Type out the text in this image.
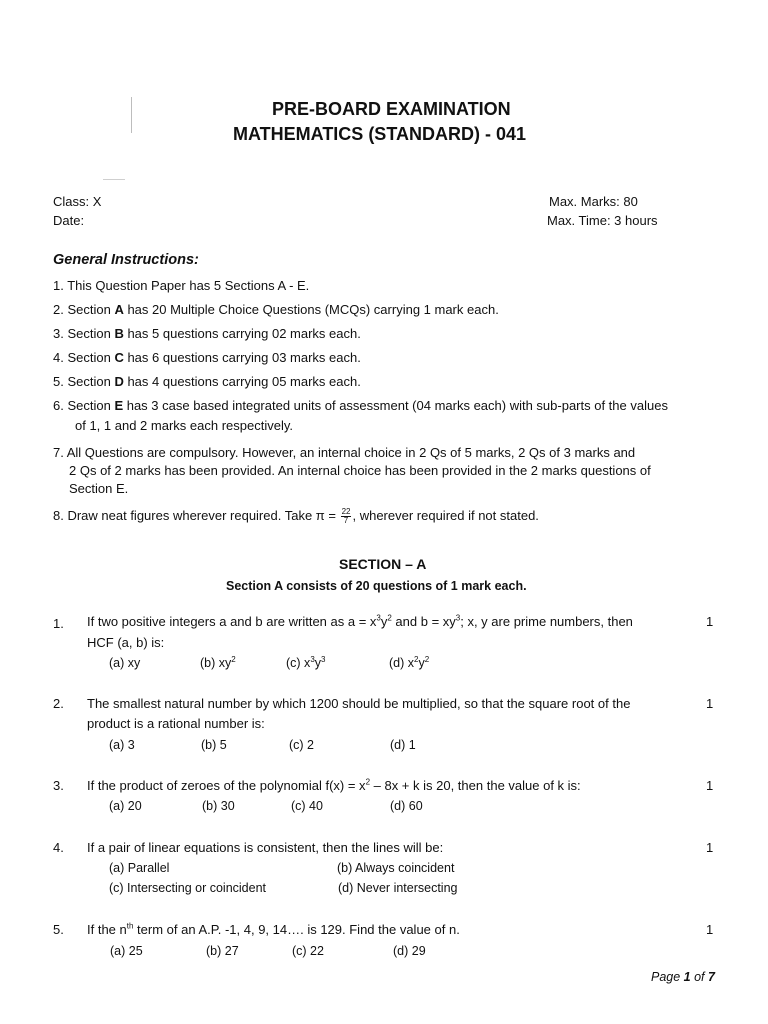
PRE-BOARD EXAMINATION
MATHEMATICS (STANDARD) - 041
Class: X
Date:
Max. Marks: 80
Max. Time: 3 hours
General Instructions:
1. This Question Paper has 5 Sections A - E.
2. Section A has 20 Multiple Choice Questions (MCQs) carrying 1 mark each.
3. Section B has 5 questions carrying 02 marks each.
4. Section C has 6 questions carrying 03 marks each.
5. Section D has 4 questions carrying 05 marks each.
6. Section E has 3 case based integrated units of assessment (04 marks each) with sub-parts of the values
of 1, 1 and 2 marks each respectively.
7. All Questions are compulsory. However, an internal choice in 2 Qs of 5 marks, 2 Qs of 3 marks and
2 Qs of 2 marks has been provided. An internal choice has been provided in the 2 marks questions of
Section E.
8. Draw neat figures wherever required. Take $\pi = \frac{22}{7}$ , wherever required if not stated.
SECTION – A
Section A consists of 20 questions of 1 mark each.
1. If two positive integers a and b are written as $a = x^3y^2$ and $b = xy^3$; x, y are prime numbers, then	1
HCF (a, b) is:
(a) xy	(b) $xy^2$	(c) $x^3y^3$	(d) $x^2y^2$
2. The smallest natural number by which 1200 should be multiplied, so that the square root of the	1
product is a rational number is:
(a) 3	(b) 5	(c) 2	(d) 1
3. If the product of zeroes of the polynomial $f(x) = x^2 - 8x + k$ is 20, then the value of k is:	1
(a) 20	(b) 30	(c) 40	(d) 60
4. If a pair of linear equations is consistent, then the lines will be:	1
(a) Parallel	(b) Always coincident
(c) Intersecting or coincident	(d) Never intersecting
5. If the $n^{th}$ term of an A.P. -1, 4, 9, 14…. is 129. Find the value of n.	1
(a) 25	(b) 27	(c) 22	(d) 29
Page 1 of 7
